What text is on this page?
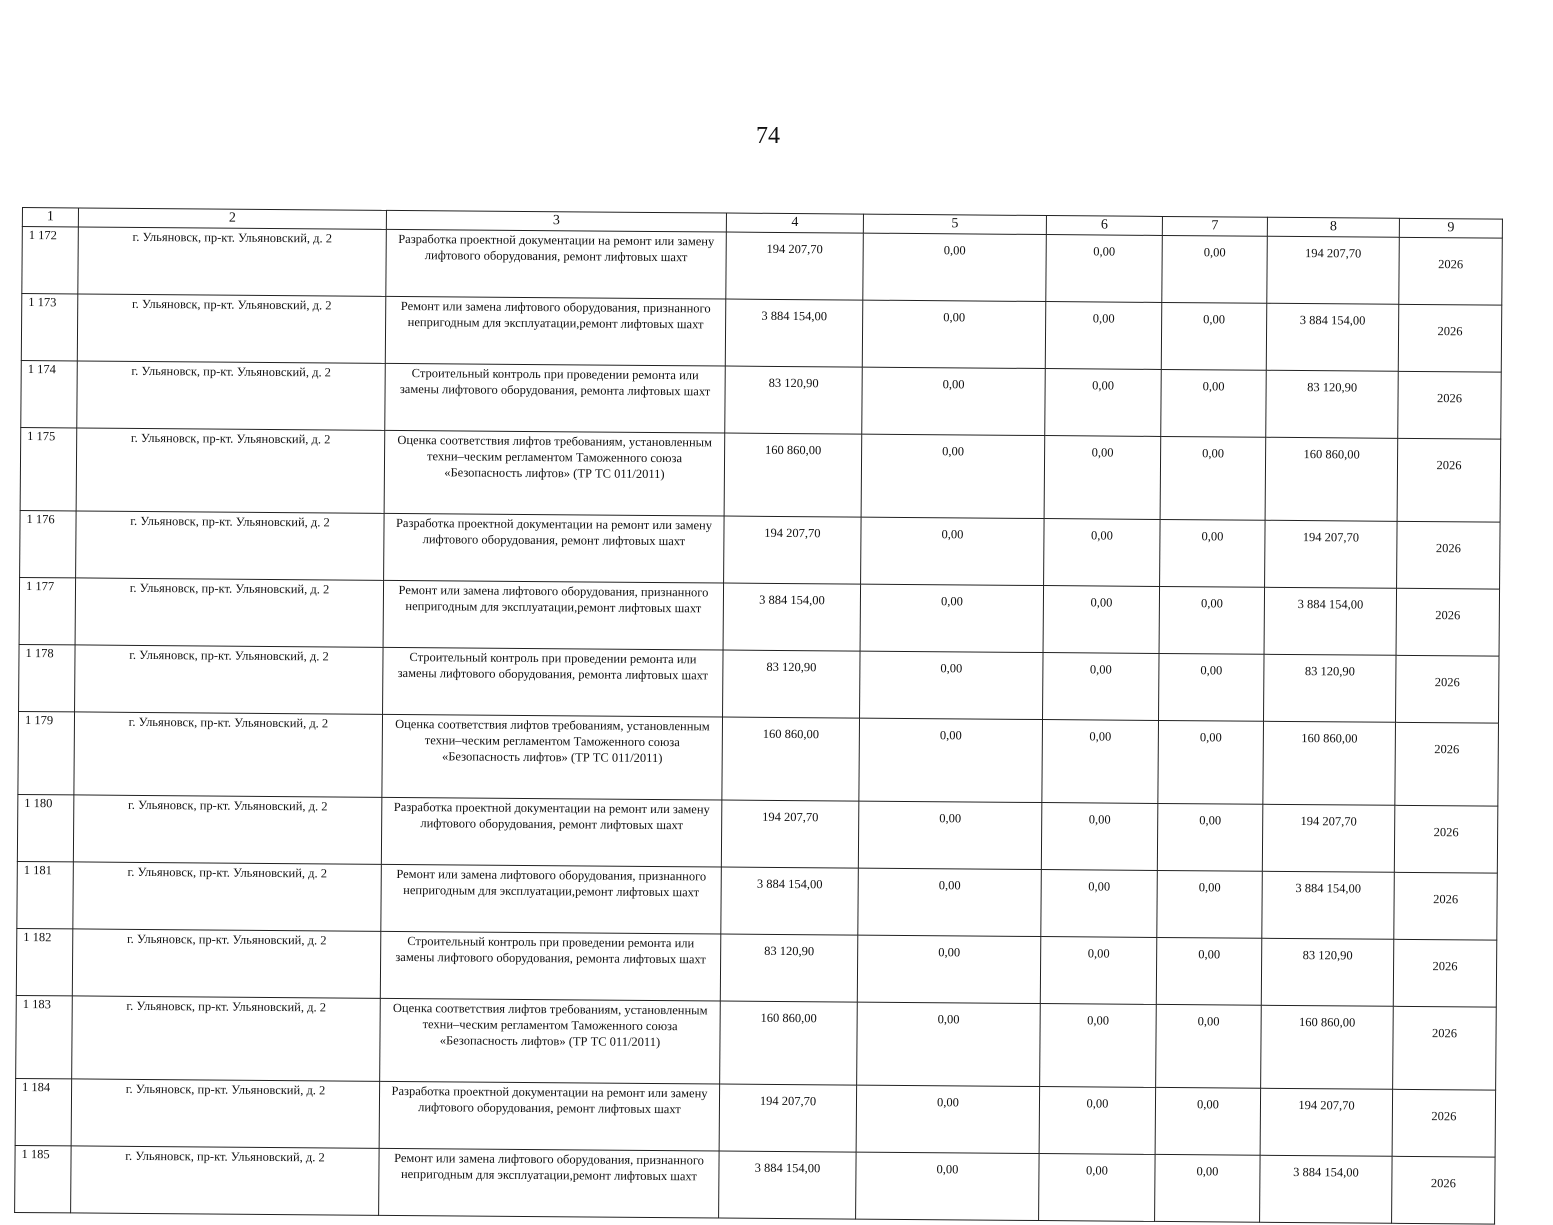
74
1	2	3	4	5	6	7	8	9
1 172	г. Ульяновск, пр-кт. Ульяновский, д. 2	Разработка проектной документации на ремонт или замену лифтового оборудования, ремонт лифтовых шахт	194 207,70	0,00	0,00	0,00	194 207,70	2026
1 173	г. Ульяновск, пр-кт. Ульяновский, д. 2	Ремонт или замена лифтового оборудования, признанного непригодным для эксплуатации,ремонт лифтовых шахт	3 884 154,00	0,00	0,00	0,00	3 884 154,00	2026
1 174	г. Ульяновск, пр-кт. Ульяновский, д. 2	Строительный контроль при проведении ремонта или замены лифтового оборудования, ремонта лифтовых шахт	83 120,90	0,00	0,00	0,00	83 120,90	2026
1 175	г. Ульяновск, пр-кт. Ульяновский, д. 2	Оценка соответствия лифтов требованиям, установленным техни–ческим регламентом Таможенного союза «Безопасность лифтов» (ТР ТС 011/2011)	160 860,00	0,00	0,00	0,00	160 860,00	2026
1 176	г. Ульяновск, пр-кт. Ульяновский, д. 2	Разработка проектной документации на ремонт или замену лифтового оборудования, ремонт лифтовых шахт	194 207,70	0,00	0,00	0,00	194 207,70	2026
1 177	г. Ульяновск, пр-кт. Ульяновский, д. 2	Ремонт или замена лифтового оборудования, признанного непригодным для эксплуатации,ремонт лифтовых шахт	3 884 154,00	0,00	0,00	0,00	3 884 154,00	2026
1 178	г. Ульяновск, пр-кт. Ульяновский, д. 2	Строительный контроль при проведении ремонта или замены лифтового оборудования, ремонта лифтовых шахт	83 120,90	0,00	0,00	0,00	83 120,90	2026
1 179	г. Ульяновск, пр-кт. Ульяновский, д. 2	Оценка соответствия лифтов требованиям, установленным техни–ческим регламентом Таможенного союза «Безопасность лифтов» (ТР ТС 011/2011)	160 860,00	0,00	0,00	0,00	160 860,00	2026
1 180	г. Ульяновск, пр-кт. Ульяновский, д. 2	Разработка проектной документации на ремонт или замену лифтового оборудования, ремонт лифтовых шахт	194 207,70	0,00	0,00	0,00	194 207,70	2026
1 181	г. Ульяновск, пр-кт. Ульяновский, д. 2	Ремонт или замена лифтового оборудования, признанного непригодным для эксплуатации,ремонт лифтовых шахт	3 884 154,00	0,00	0,00	0,00	3 884 154,00	2026
1 182	г. Ульяновск, пр-кт. Ульяновский, д. 2	Строительный контроль при проведении ремонта или замены лифтового оборудования, ремонта лифтовых шахт	83 120,90	0,00	0,00	0,00	83 120,90	2026
1 183	г. Ульяновск, пр-кт. Ульяновский, д. 2	Оценка соответствия лифтов требованиям, установленным техни–ческим регламентом Таможенного союза «Безопасность лифтов» (ТР ТС 011/2011)	160 860,00	0,00	0,00	0,00	160 860,00	2026
1 184	г. Ульяновск, пр-кт. Ульяновский, д. 2	Разработка проектной документации на ремонт или замену лифтового оборудования, ремонт лифтовых шахт	194 207,70	0,00	0,00	0,00	194 207,70	2026
1 185	г. Ульяновск, пр-кт. Ульяновский, д. 2	Ремонт или замена лифтового оборудования, признанного непригодным для эксплуатации,ремонт лифтовых шахт	3 884 154,00	0,00	0,00	0,00	3 884 154,00	2026
